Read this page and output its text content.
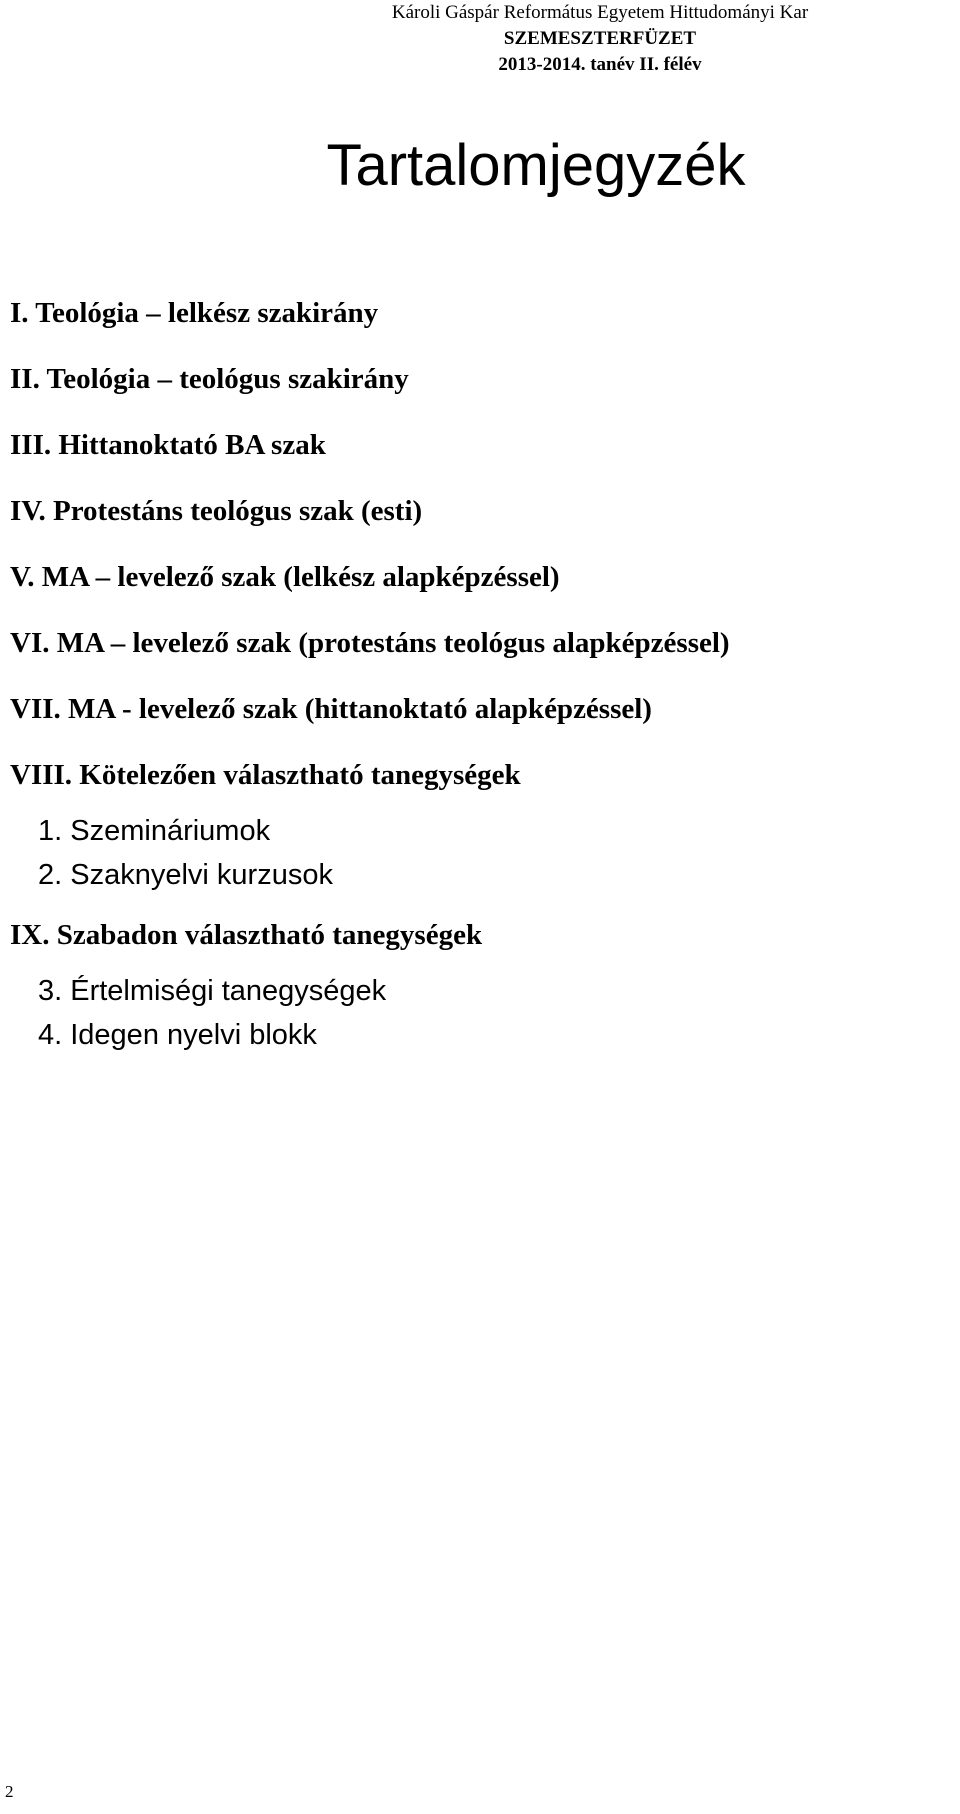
Károli Gáspár Református Egyetem Hittudományi Kar
SZEMESZTERFÜZET
2013-2014. tanév II. félév
Tartalomjegyzék
I. Teológia – lelkész szakirány
II. Teológia – teológus szakirány
III. Hittanoktató BA szak
IV. Protestáns teológus szak (esti)
V. MA – levelező szak (lelkész alapképzéssel)
VI. MA – levelező szak (protestáns teológus alapképzéssel)
VII. MA - levelező szak (hittanoktató alapképzéssel)
VIII. Kötelezően választható tanegységek
1. Szemináriumok
2. Szaknyelvi kurzusok
IX. Szabadon választható tanegységek
3. Értelmiségi tanegységek
4. Idegen nyelvi blokk
2
